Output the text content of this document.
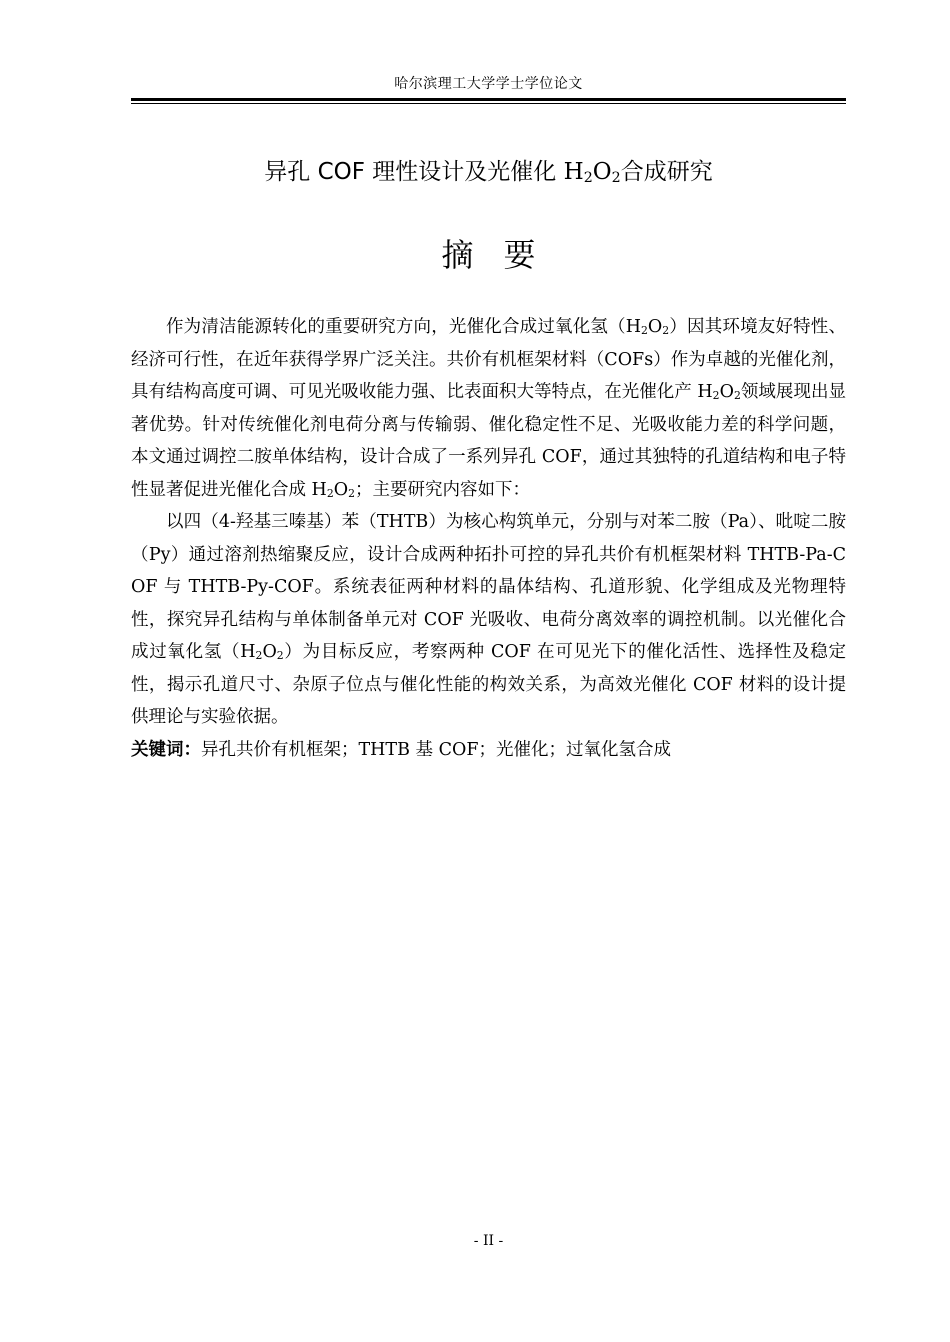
哈尔滨理工大学学士学位论文
异孔 COF 理性设计及光催化 $H_2O_2$合成研究
摘要

作为清洁能源转化的重要研究方向，光催化合成过氧化氢$(H_2O_2)$因其环境友好特性、经济可行性，在近年获得学界广泛关注。共价有机框架材料（COFs）作为卓越的光催化剂，具有结构高度可调、可见光吸收能力强、比表面积大等特点，在光催化产 $H_2O_2$领域展现出显著优势。针对传统催化剂电荷分离与传输弱、催化稳定性不足、光吸收能力差的科学问题，本文通过调控二胺单体结构，设计合成了一系列异孔 COF，通过其独特的孔道结构和电子特性显著促进光催化合成 $H_2O_2$；主要研究内容如下：

以四（4-羟基三嗪基）苯（THTB）为核心构筑单元，分别与对苯二胺（Pa）、吡啶二胺（Py）通过溶剂热缩聚反应，设计合成两种拓扑可控的异孔共价有机框架材料 THTB-Pa-COF 与 THTB-Py-COF。系统表征两种材料的晶体结构、孔道形貌、化学组成及光物理特性，探究异孔结构与单体制备单元对 COF 光吸收、电荷分离效率的调控机制。以光催化合成过氧化氢$(H_2O_2)$为目标反应，考察两种 COF 在可见光下的催化活性、选择性及稳定性，揭示孔道尺寸、杂原子位点与催化性能的构效关系，为高效光催化 COF 材料的设计提供理论与实验依据。

关键词：异孔共价有机框架；THTB 基 COF；光催化；过氧化氢合成

- II -
